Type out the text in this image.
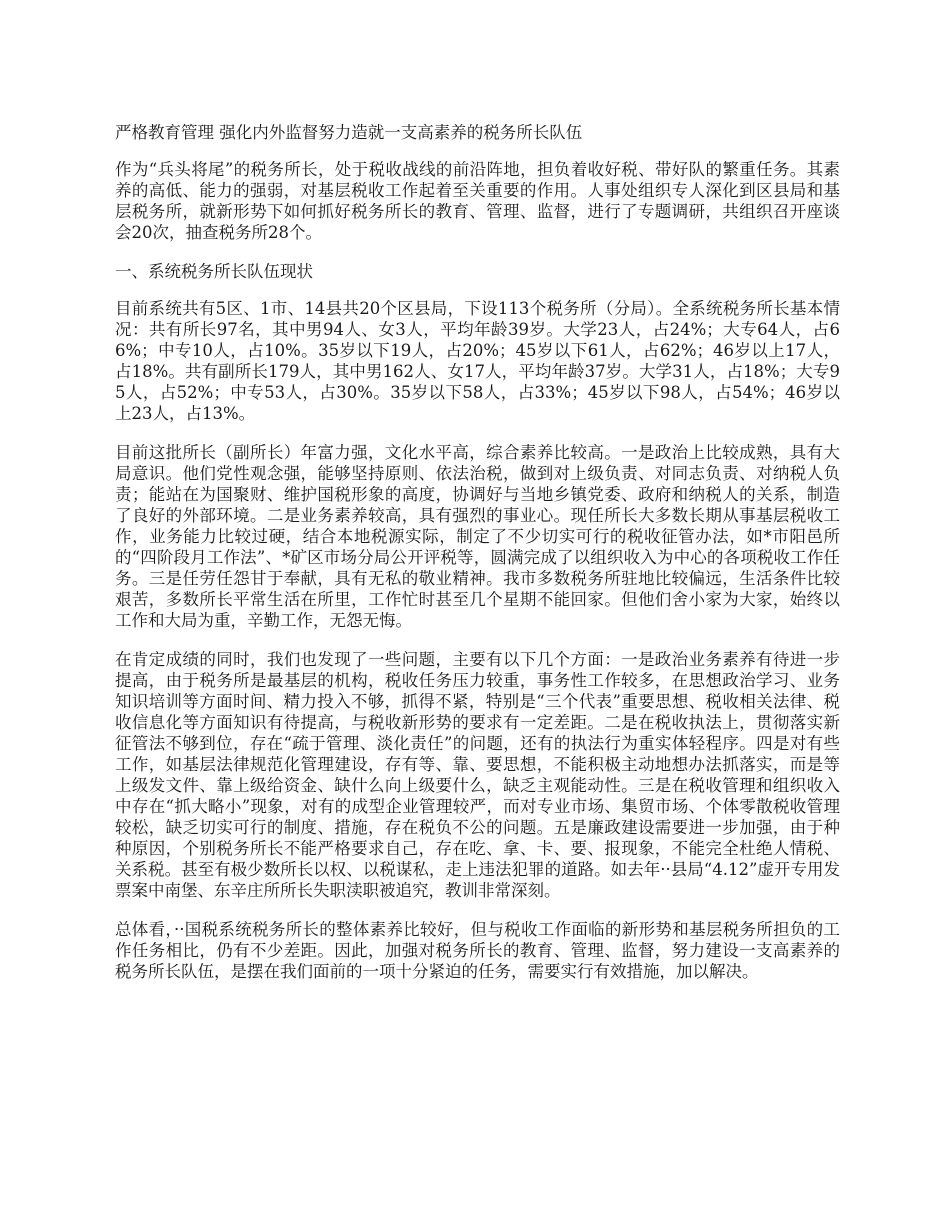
严格教育管理 强化内外监督努力造就一支高素养的税务所长队伍

作为“兵头将尾”的税务所长，处于税收战线的前沿阵地，担负着收好税、带好队的繁重任务。其素养的高低、能力的强弱，对基层税收工作起着至关重要的作用。人事处组织专人深化到区县局和基层税务所，就新形势下如何抓好税务所长的教育、管理、监督，进行了专题调研，共组织召开座谈会20次，抽查税务所28个。

一、系统税务所长队伍现状

目前系统共有5区、1市、14县共20个区县局，下设113个税务所（分局）。全系统税务所长基本情况：共有所长97名，其中男94人、女3人，平均年龄39岁。大学23人，占24%；大专64人，占66%；中专10人，占10%。35岁以下19人，占20%；45岁以下61人，占62%；46岁以上17人，占18%。共有副所长179人，其中男162人、女17人，平均年龄37岁。大学31人，占18%；大专95人，占52%；中专53人，占30%。35岁以下58人，占33%；45岁以下98人，占54%；46岁以上23人，占13%。

目前这批所长（副所长）年富力强，文化水平高，综合素养比较高。一是政治上比较成熟，具有大局意识。他们党性观念强，能够坚持原则、依法治税，做到对上级负责、对同志负责、对纳税人负责；能站在为国聚财、维护国税形象的高度，协调好与当地乡镇党委、政府和纳税人的关系，制造了良好的外部环境。二是业务素养较高，具有强烈的事业心。现任所长大多数长期从事基层税收工作，业务能力比较过硬，结合本地税源实际，制定了不少切实可行的税收征管办法，如*市阳邑所的“四阶段月工作法”、*矿区市场分局公开评税等，圆满完成了以组织收入为中心的各项税收工作任务。三是任劳任怨甘于奉献，具有无私的敬业精神。我市多数税务所驻地比较偏远，生活条件比较艰苦，多数所长平常生活在所里，工作忙时甚至几个星期不能回家。但他们舍小家为大家，始终以工作和大局为重，辛勤工作，无怨无悔。

在肯定成绩的同时，我们也发现了一些问题，主要有以下几个方面：一是政治业务素养有待进一步提高，由于税务所是最基层的机构，税收任务压力较重，事务性工作较多，在思想政治学习、业务知识培训等方面时间、精力投入不够，抓得不紧，特别是“三个代表”重要思想、税收相关法律、税收信息化等方面知识有待提高，与税收新形势的要求有一定差距。二是在税收执法上，贯彻落实新征管法不够到位，存在“疏于管理、淡化责任”的问题，还有的执法行为重实体轻程序。四是对有些工作，如基层法律规范化管理建设，存有等、靠、要思想，不能积极主动地想办法抓落实，而是等上级发文件、靠上级给资金、缺什么向上级要什么，缺乏主观能动性。三是在税收管理和组织收入中存在“抓大略小”现象，对有的成型企业管理较严，而对专业市场、集贸市场、个体零散税收管理较松，缺乏切实可行的制度、措施，存在税负不公的问题。五是廉政建设需要进一步加强，由于种种原因，个别税务所长不能严格要求自己，存在吃、拿、卡、要、报现象，不能完全杜绝人情税、关系税。甚至有极少数所长以权、以税谋私，走上违法犯罪的道路。如去年··县局“4.12”虚开专用发票案中南堡、东辛庄所所长失职渎职被追究，教训非常深刻。

总体看，··国税系统税务所长的整体素养比较好，但与税收工作面临的新形势和基层税务所担负的工作任务相比，仍有不少差距。因此，加强对税务所长的教育、管理、监督，努力建设一支高素养的税务所长队伍，是摆在我们面前的一项十分紧迫的任务，需要实行有效措施，加以解决。
